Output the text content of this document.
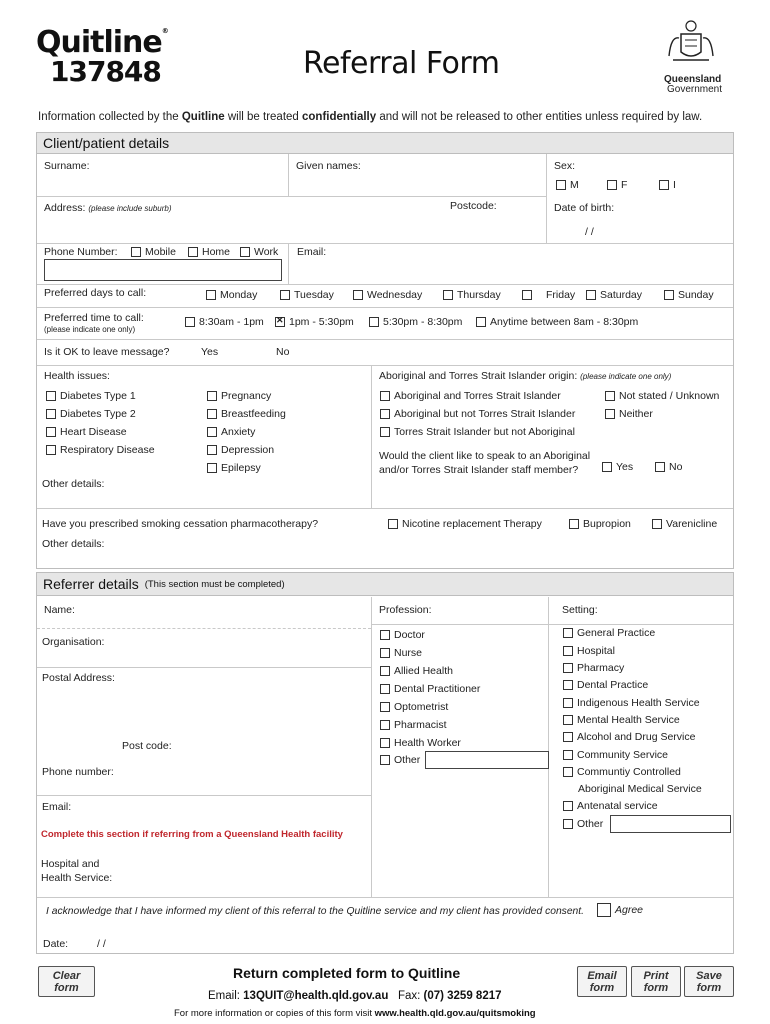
Quitline®
137848	Referral Form	Queensland
Government
Information collected by the Quitline will be treated confidentially and will not be released to other entities unless required by law.
Client/patient details
Surname:	Given names:	Sex:
M	F	I
Address: (please include suburb)	Postcode:	Date of birth:
/ /
Phone Number:	Mobile Home Work Email:
Preferred days to call:	Monday	Tuesday	Wednesday	Thursday	Friday Saturday	Sunday
Preferred time to call:
(please indicate one only)
8:30am - 1pm
✕ 1pm - 5:30pm	5:30pm - 8:30pm	Anytime between 8am - 8:30pm
Is it OK to leave message?	Yes	No
Health issues:
Diabetes Type 1
Diabetes Type 2
Heart Disease
Respiratory Disease
Pregnancy
Breastfeeding
Anxiety
Depression
Epilepsy
Other details:
Aboriginal and Torres Strait Islander origin: (please indicate one only)
Aboriginal and Torres Strait Islander
Aboriginal but not Torres Strait Islander
Torres Strait Islander but not Aboriginal
Not stated / Unknown
Neither
Would the client like to speak to an Aboriginal
and/or Torres Strait Islander staff member?	Yes	No
Have you prescribed smoking cessation pharmacotherapy?	Nicotine replacement Therapy	Bupropion	Varenicline
Other details:
Referrer details (This section must be completed)
Name:
Organisation:
Postal Address:
Post code:
Phone number:
Email:
Complete this section if referring from a Queensland Health facility
Hospital and
Health Service:
Profession:
Doctor
Nurse
Allied Health
Dental Practitioner
Optometrist
Pharmacist
Health Worker
Other
Setting:
General Practice
Hospital
Pharmacy
Dental Practice
Indigenous Health Service
Mental Health Service
Alcohol and Drug Service
Community Service
Communtiy Controlled
Aboriginal Medical Service
Antenatal service
Other
I acknowledge that I have informed my client of this referral to the Quitline service and my client has provided consent.	Agree
Date:	/ /
Clear
form
Return completed form to Quitline
Email: 13QUIT@health.qld.gov.au Fax: (07) 3259 8217
For more information or copies of this form visit www.health.qld.gov.au/quitsmoking
Email
form
Print
form
Save
form
